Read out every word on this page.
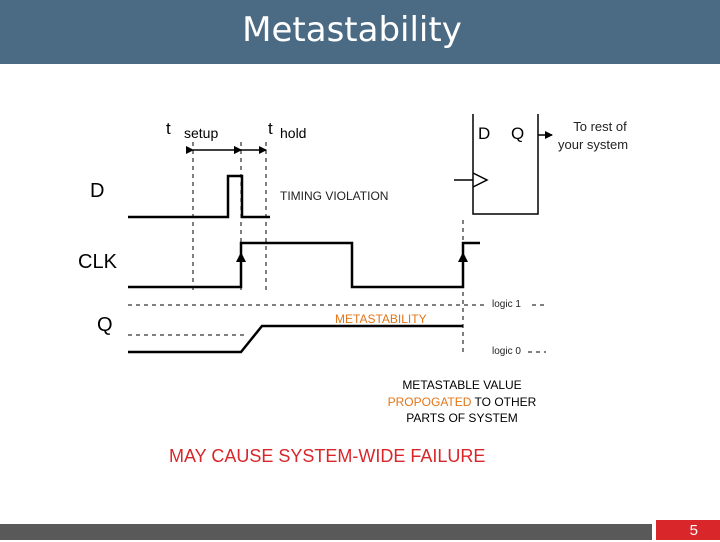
Metastability
t setup	t hold	D Q	To rest of
your system
D
CLK
Q
TIMING VIOLATION
METASTABILITY
logic 1
logic 0
METASTABLE VALUE
PROPOGATED TO OTHER
PARTS OF SYSTEM
MAY CAUSE SYSTEM-WIDE FAILURE
5
